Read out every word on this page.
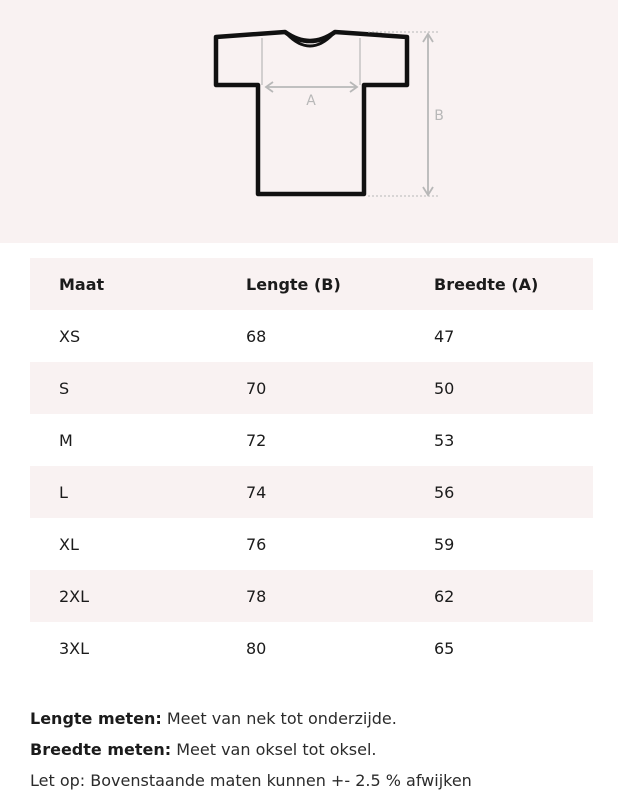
A
B
Maat	Lengte (B)	Breedte (A)
XS	68	47
S	70	50
M	72	53
L	74	56
XL	76	59
2XL	78	62
3XL	80	65

Lengte meten: Meet van nek tot onderzijde.

Breedte meten: Meet van oksel tot oksel.

Let op: Bovenstaande maten kunnen +- 2.5 % afwijken
